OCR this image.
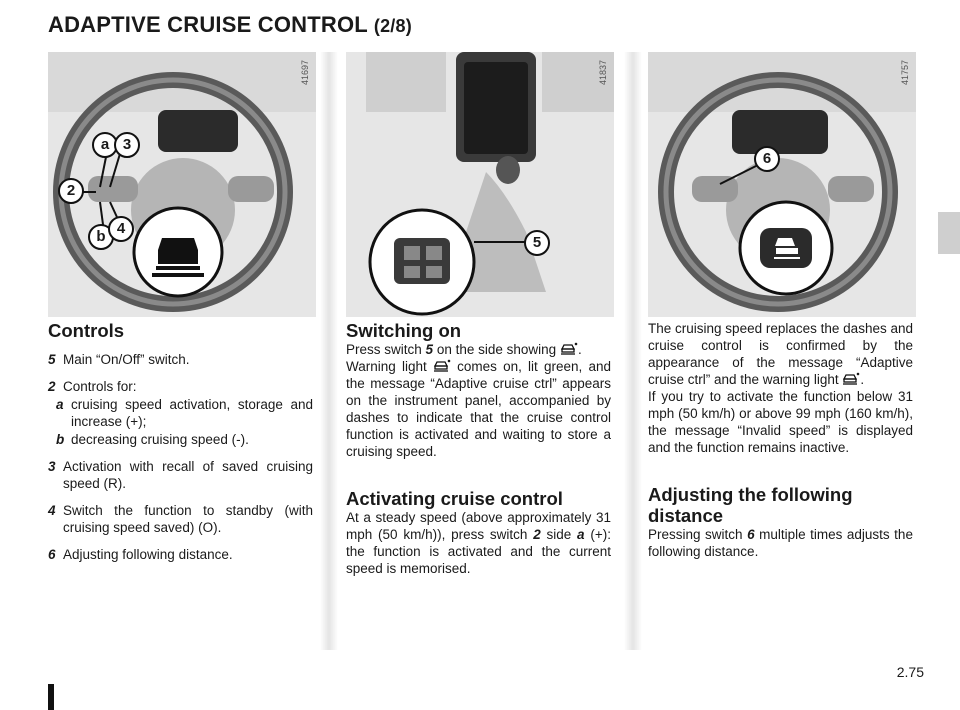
ADAPTIVE CRUISE CONTROL (2/8)
41697
a 3
2
b 4
41837
5
41757
6
Controls
5 Main “On/Off” switch.
2 Controls for:
a cruising speed activation, storage and increase (+);
b decreasing cruising speed (-).
3 Activation with recall of saved cruising speed (R).
4 Switch the function to standby (with cruising speed saved) (O).
6 Adjusting following distance.
Switching on
Press switch 5 on the side showing .
Warning light comes on, lit green, and the message “Adaptive cruise ctrl” appears on the instrument panel, accompanied by dashes to indicate that the cruise control function is activated and waiting to store a cruising speed.
Activating cruise control
At a steady speed (above approximately 31 mph (50 km/h)), press switch 2 side a (+): the function is activated and the current speed is memorised.
The cruising speed replaces the dashes and cruise control is confirmed by the appearance of the message “Adaptive cruise ctrl” and the warning light .
If you try to activate the function below 31 mph (50 km/h) or above 99 mph (160 km/h), the message “Invalid speed” is displayed and the function remains inactive.
Adjusting the following distance
Pressing switch 6 multiple times adjusts the following distance.
2.75
